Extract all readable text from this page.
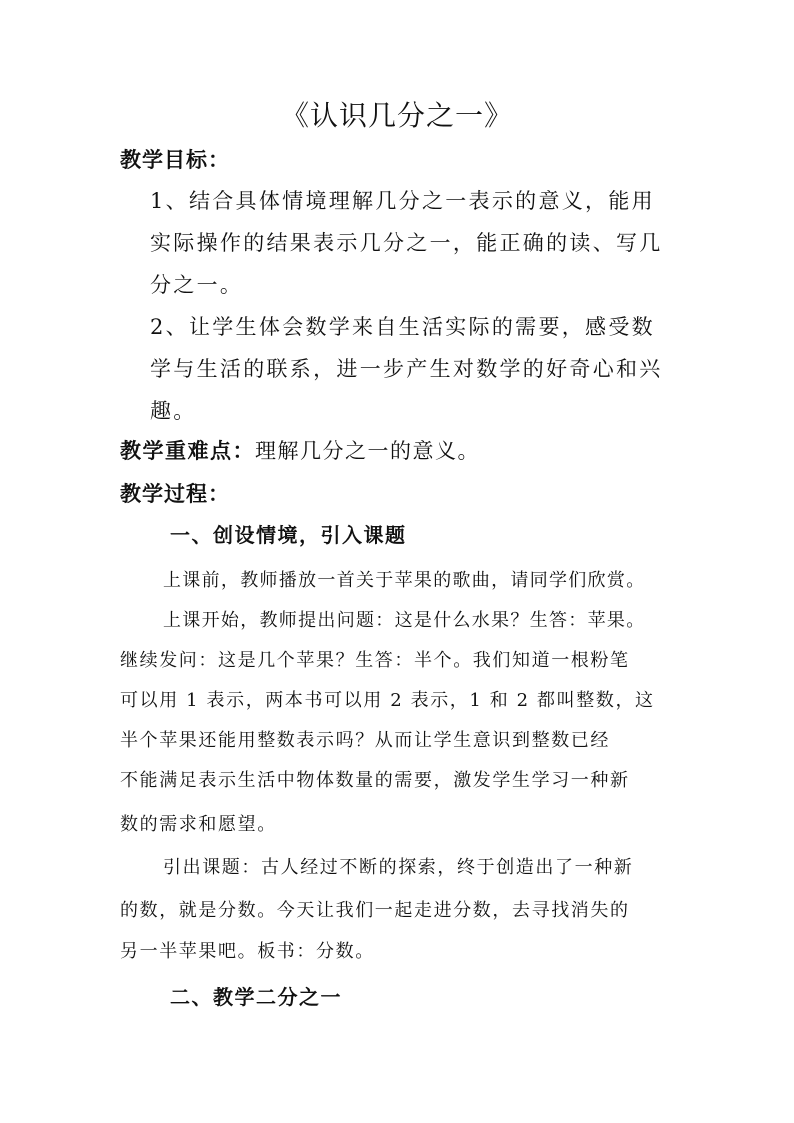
《认识几分之一》
教学目标：
1、结合具体情境理解几分之一表示的意义，能用
实际操作的结果表示几分之一，能正确的读、写几
分之一。
2、让学生体会数学来自生活实际的需要，感受数
学与生活的联系，进一步产生对数学的好奇心和兴
趣。
教学重难点：理解几分之一的意义。
教学过程：
一、创设情境，引入课题
上课前，教师播放一首关于苹果的歌曲，请同学们欣赏。
上课开始，教师提出问题：这是什么水果？生答：苹果。
继续发问：这是几个苹果？生答：半个。我们知道一根粉笔
可以用 1 表示，两本书可以用 2 表示，1 和 2 都叫整数，这
半个苹果还能用整数表示吗？从而让学生意识到整数已经
不能满足表示生活中物体数量的需要，激发学生学习一种新
数的需求和愿望。
引出课题：古人经过不断的探索，终于创造出了一种新
的数，就是分数。今天让我们一起走进分数，去寻找消失的
另一半苹果吧。板书：分数。
二、教学二分之一
